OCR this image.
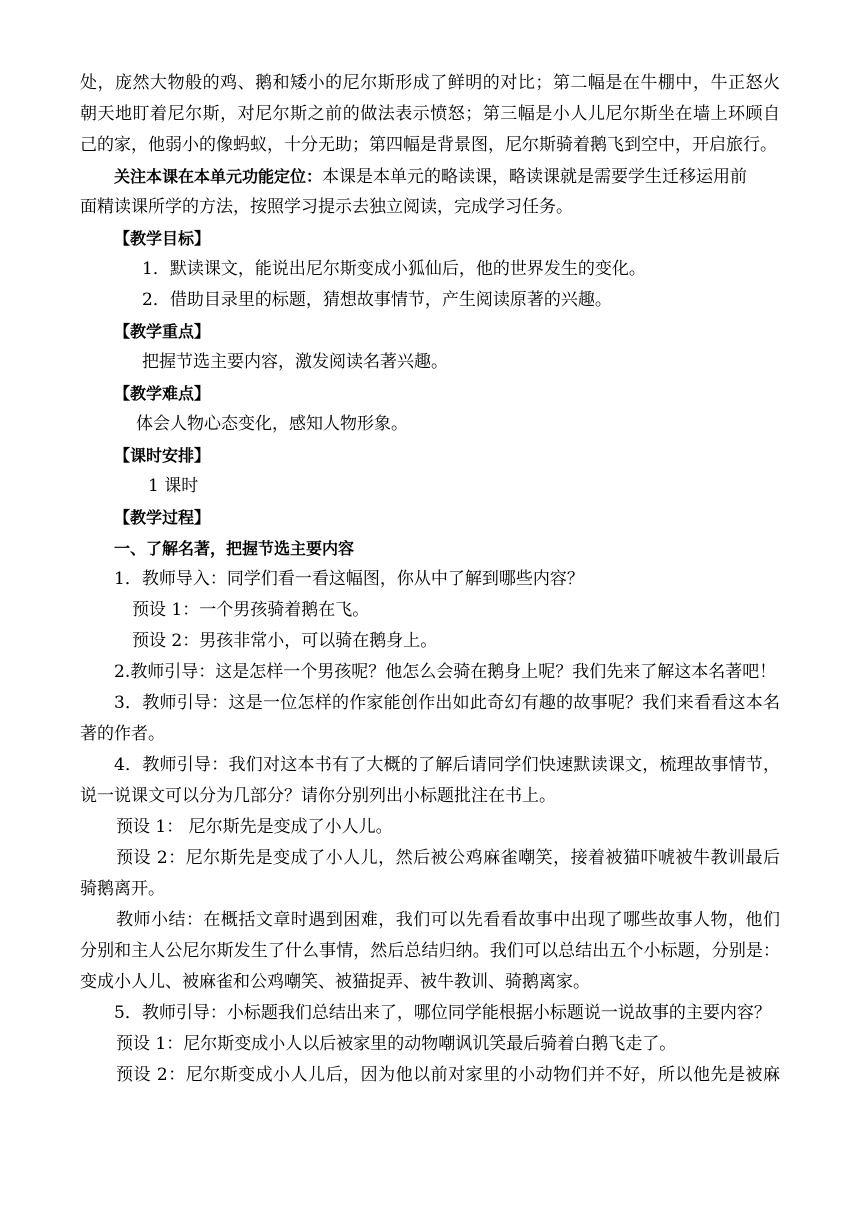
处，庞然大物般的鸡、鹅和矮小的尼尔斯形成了鲜明的对比；第二幅是在牛棚中，牛正怒火
朝天地盯着尼尔斯，对尼尔斯之前的做法表示愤怒；第三幅是小人儿尼尔斯坐在墙上环顾自
己的家，他弱小的像蚂蚁，十分无助；第四幅是背景图，尼尔斯骑着鹅飞到空中，开启旅行。
关注本课在本单元功能定位：本课是本单元的略读课，略读课就是需要学生迁移运用前
面精读课所学的方法，按照学习提示去独立阅读，完成学习任务。
【教学目标】
1．默读课文，能说出尼尔斯变成小狐仙后，他的世界发生的变化。
2．借助目录里的标题，猜想故事情节，产生阅读原著的兴趣。
【教学重点】
把握节选主要内容，激发阅读名著兴趣。
【教学难点】
体会人物心态变化，感知人物形象。
【课时安排】
1 课时
【教学过程】
一、了解名著，把握节选主要内容
1．教师导入：同学们看一看这幅图，你从中了解到哪些内容？
预设 1：一个男孩骑着鹅在飞。
预设 2：男孩非常小，可以骑在鹅身上。
2.教师引导：这是怎样一个男孩呢？他怎么会骑在鹅身上呢？我们先来了解这本名著吧！
3．教师引导：这是一位怎样的作家能创作出如此奇幻有趣的故事呢？我们来看看这本名
著的作者。
4．教师引导：我们对这本书有了大概的了解后请同学们快速默读课文，梳理故事情节，
说一说课文可以分为几部分？请你分别列出小标题批注在书上。
预设 1： 尼尔斯先是变成了小人儿。
预设 2：尼尔斯先是变成了小人儿，然后被公鸡麻雀嘲笑，接着被猫吓唬被牛教训最后
骑鹅离开。
教师小结：在概括文章时遇到困难，我们可以先看看故事中出现了哪些故事人物，他们
分别和主人公尼尔斯发生了什么事情，然后总结归纳。我们可以总结出五个小标题，分别是：
变成小人儿、被麻雀和公鸡嘲笑、被猫捉弄、被牛教训、骑鹅离家。
5．教师引导：小标题我们总结出来了，哪位同学能根据小标题说一说故事的主要内容？
预设 1：尼尔斯变成小人以后被家里的动物嘲讽讥笑最后骑着白鹅飞走了。
预设 2：尼尔斯变成小人儿后，因为他以前对家里的小动物们并不好，所以他先是被麻
